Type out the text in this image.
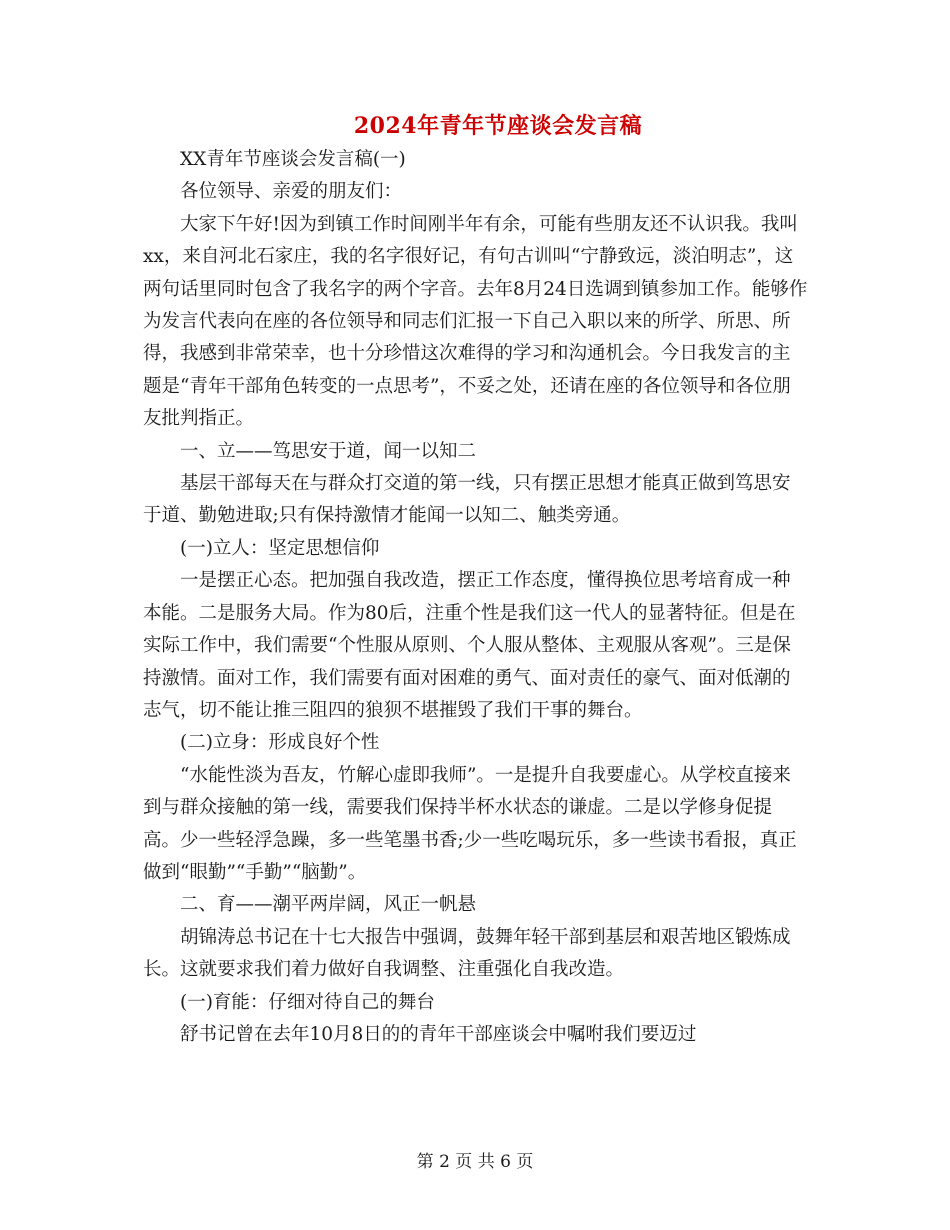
2024年青年节座谈会发言稿

XX青年节座谈会发言稿(一)

各位领导、亲爱的朋友们：

大家下午好!因为到镇工作时间刚半年有余，可能有些朋友还不认识我。我叫xx，来自河北石家庄，我的名字很好记，有句古训叫“宁静致远，淡泊明志”，这两句话里同时包含了我名字的两个字音。去年8月24日选调到镇参加工作。能够作为发言代表向在座的各位领导和同志们汇报一下自己入职以来的所学、所思、所得，我感到非常荣幸，也十分珍惜这次难得的学习和沟通机会。今日我发言的主题是“青年干部角色转变的一点思考”，不妥之处，还请在座的各位领导和各位朋友批判指正。

一、立——笃思安于道，闻一以知二

基层干部每天在与群众打交道的第一线，只有摆正思想才能真正做到笃思安于道、勤勉进取;只有保持激情才能闻一以知二、触类旁通。

(一)立人：坚定思想信仰

一是摆正心态。把加强自我改造，摆正工作态度，懂得换位思考培育成一种本能。二是服务大局。作为80后，注重个性是我们这一代人的显著特征。但是在实际工作中，我们需要“个性服从原则、个人服从整体、主观服从客观”。三是保持激情。面对工作，我们需要有面对困难的勇气、面对责任的豪气、面对低潮的志气，切不能让推三阻四的狼狈不堪摧毁了我们干事的舞台。

(二)立身：形成良好个性

“水能性淡为吾友，竹解心虚即我师”。一是提升自我要虚心。从学校直接来到与群众接触的第一线，需要我们保持半杯水状态的谦虚。二是以学修身促提高。少一些轻浮急躁，多一些笔墨书香;少一些吃喝玩乐，多一些读书看报，真正做到“眼勤”“手勤”“脑勤”。

二、育——潮平两岸阔，风正一帆悬

胡锦涛总书记在十七大报告中强调，鼓舞年轻干部到基层和艰苦地区锻炼成长。这就要求我们着力做好自我调整、注重强化自我改造。

(一)育能：仔细对待自己的舞台

舒书记曾在去年10月8日的的青年干部座谈会中嘱咐我们要迈过

第 2 页 共 6 页
